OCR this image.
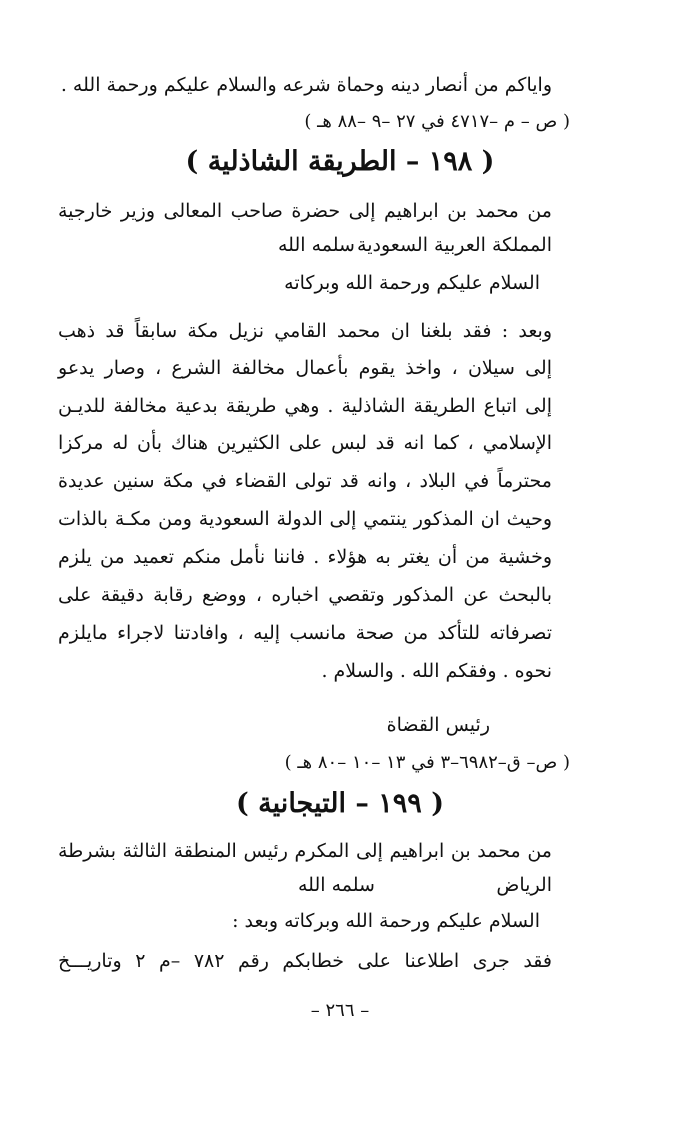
واياكم من أنصار دينه وحماة شرعه والسلام عليكم ورحمة الله .
( ص – م –٤٧١٧ في ٢٧ –٩ –٨٨ هـ )
( ١٩٨ – الطريقة الشاذلية )
من محمد بن ابراهيم إلى حضرة صاحب المعالى وزير خارجية
المملكة العربية السعودية
سلمه الله
السلام عليكم ورحمة الله وبركاته
وبعد : فقد بلغنا ان محمد القامي نزيل مكة سابقاً قد ذهب
إلى سيلان ، واخذ يقوم بأعمال مخالفة الشرع ، وصار يدعو
إلى اتباع الطريقة الشاذلية . وهي طريقة بدعية مخالفة للديـن
الإسلامي ، كما انه قد لبس على الكثيرين هناك بأن له مركزا
محترماً في البلاد ، وانه قد تولى القضاء في مكة سنين عديدة
وحيث ان المذكور ينتمي إلى الدولة السعودية ومن مكـة بالذات
وخشية من أن يغتر به هؤلاء . فاننا نأمل منكم تعميد من يلزم
بالبحث عن المذكور وتقصي اخباره ، ووضع رقابة دقيقة على
تصرفاته للتأكد من صحة مانسب إليه ، وافادتنا لاجراء مايلزم
نحوه . وفقكم الله . والسلام .
رئيس القضاة
( ص– ق–٦٩٨٢–٣ في ١٣ –١٠ –٨٠ هـ )
( ١٩٩ – التيجانية )
من محمد بن ابراهيم إلى المكرم رئيس المنطقة الثالثة بشرطة
الرياض
سلمه الله
السلام عليكم ورحمة الله وبركاته وبعد :
فقد جرى اطلاعنا على خطابكم رقم ٧٨٢ –م ٢ وتاريـــخ
– ٢٦٦ –
